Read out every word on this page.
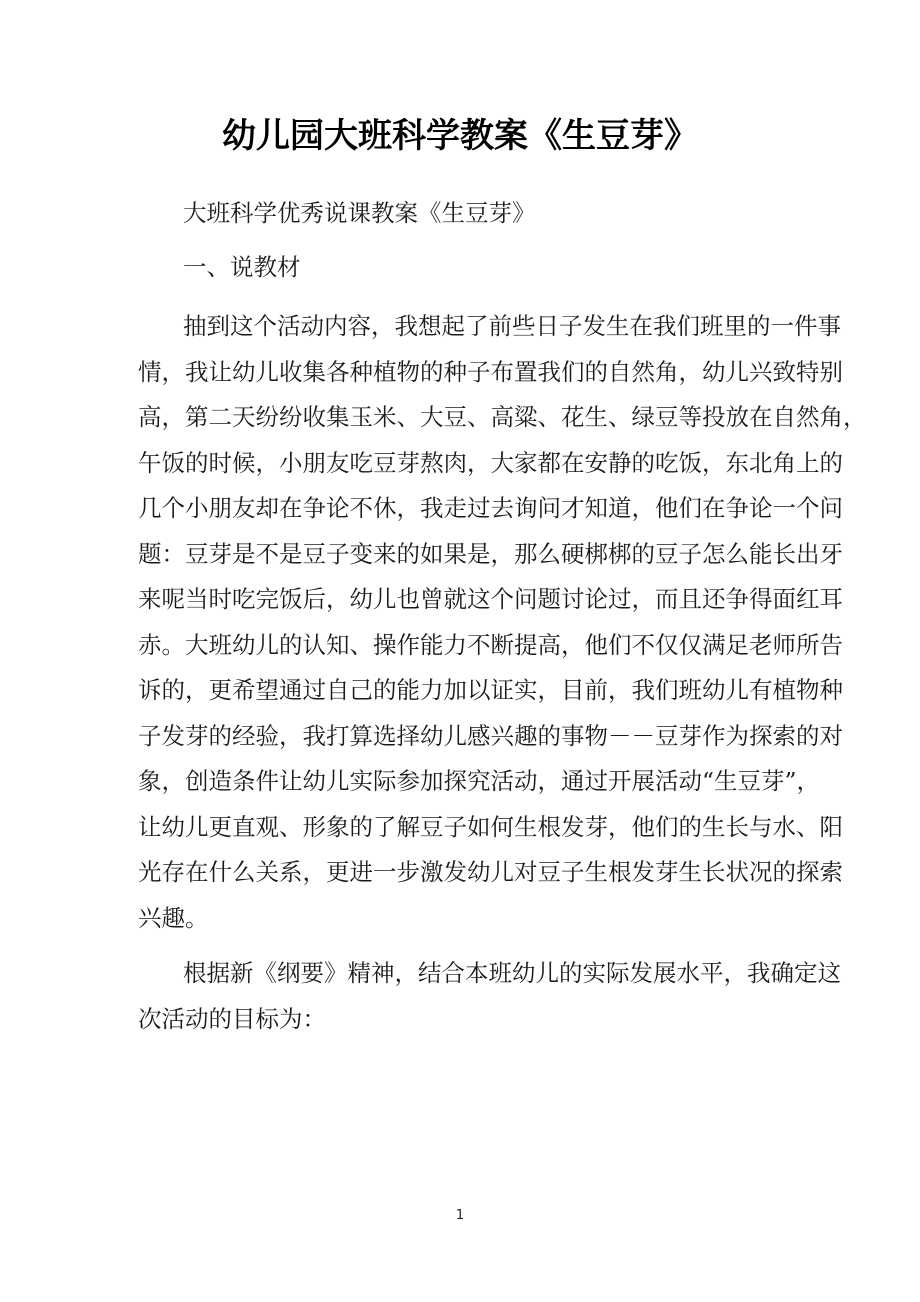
幼儿园大班科学教案《生豆芽》
大班科学优秀说课教案《生豆芽》
一、说教材
抽到这个活动内容，我想起了前些日子发生在我们班里的一件事
情，我让幼儿收集各种植物的种子布置我们的自然角，幼儿兴致特别
高，第二天纷纷收集玉米、大豆、高粱、花生、绿豆等投放在自然角，
午饭的时候，小朋友吃豆芽熬肉，大家都在安静的吃饭，东北角上的
几个小朋友却在争论不休，我走过去询问才知道，他们在争论一个问
题：豆芽是不是豆子变来的如果是，那么硬梆梆的豆子怎么能长出牙
来呢当时吃完饭后，幼儿也曾就这个问题讨论过，而且还争得面红耳
赤。大班幼儿的认知、操作能力不断提高，他们不仅仅满足老师所告
诉的，更希望通过自己的能力加以证实，目前，我们班幼儿有植物种
子发芽的经验，我打算选择幼儿感兴趣的事物－－豆芽作为探索的对
象，创造条件让幼儿实际参加探究活动，通过开展活动“生豆芽”，
让幼儿更直观、形象的了解豆子如何生根发芽，他们的生长与水、阳
光存在什么关系，更进一步激发幼儿对豆子生根发芽生长状况的探索
兴趣。
根据新《纲要》精神，结合本班幼儿的实际发展水平，我确定这
次活动的目标为：
1
